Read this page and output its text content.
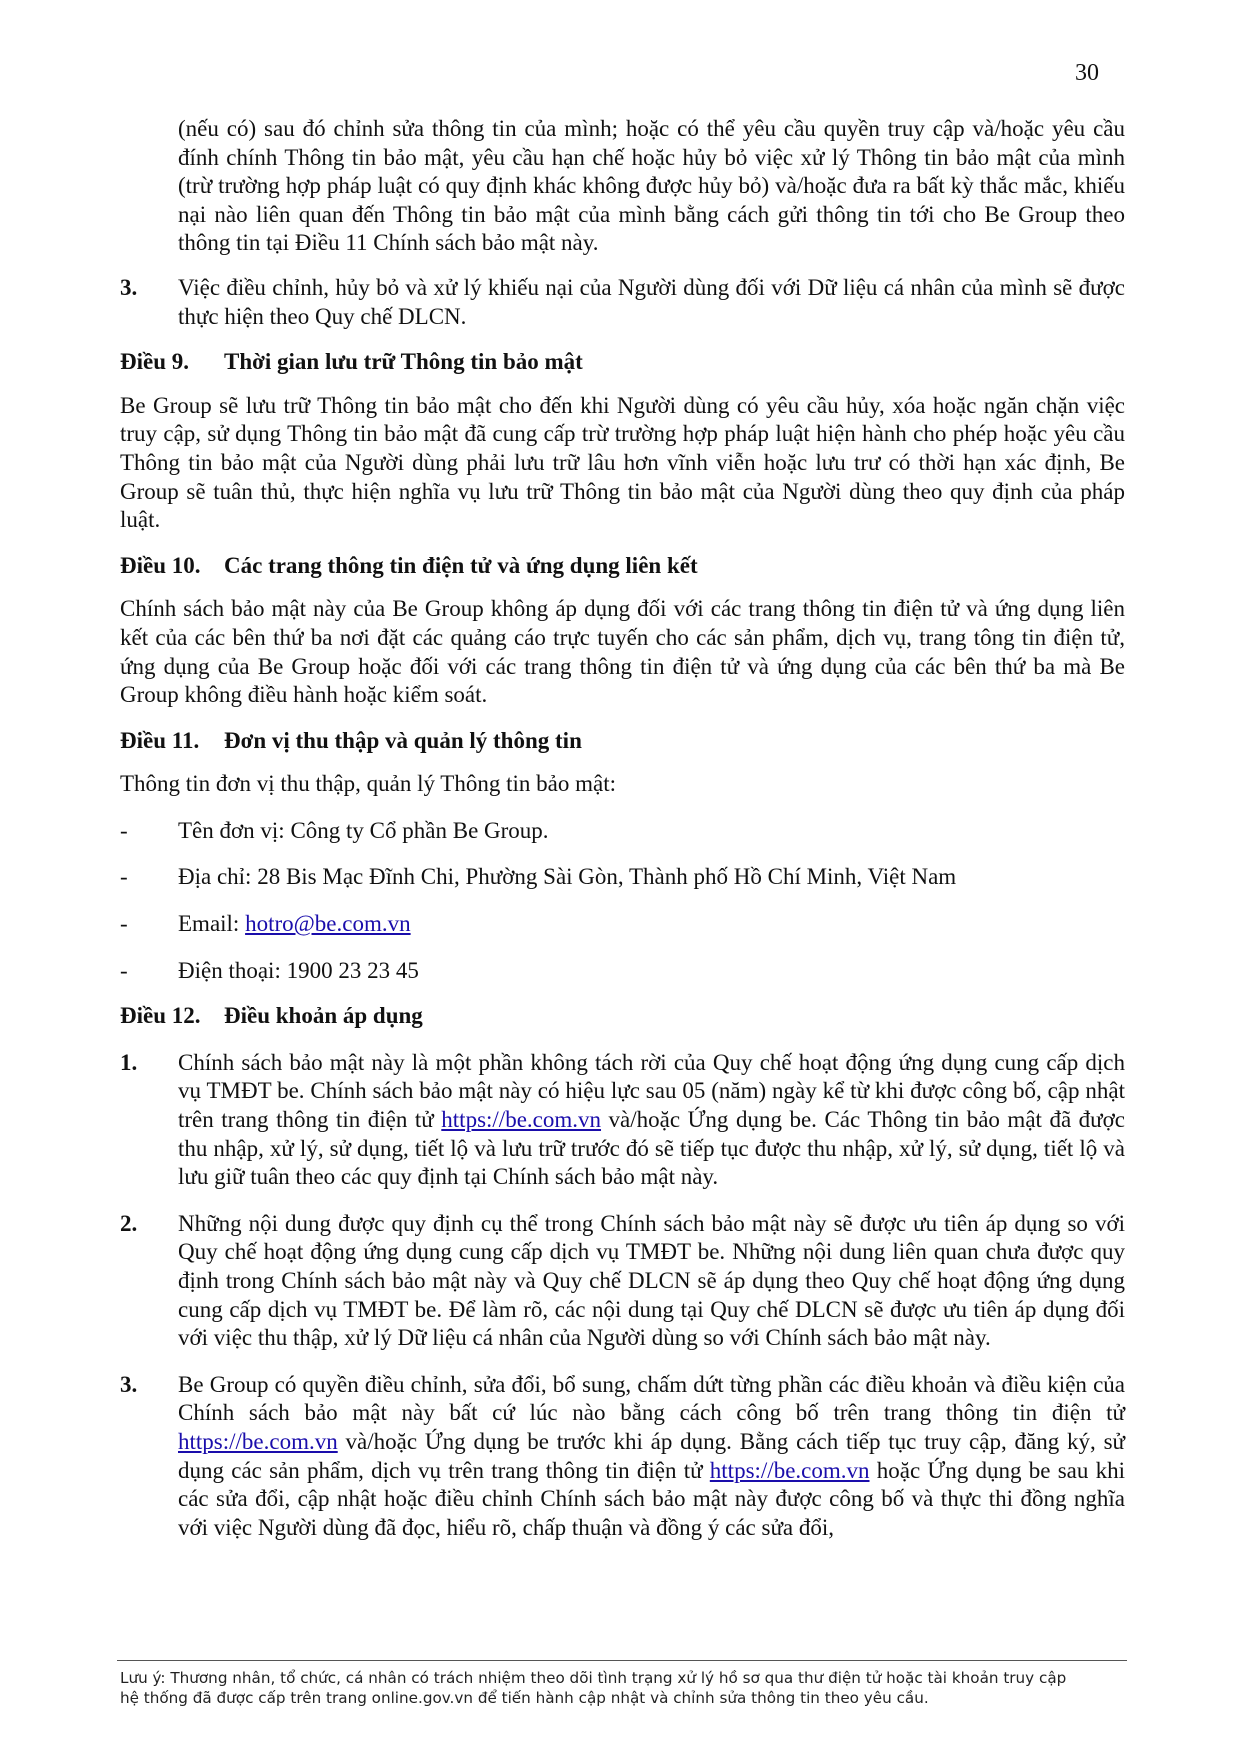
30

(nếu có) sau đó chỉnh sửa thông tin của mình; hoặc có thể yêu cầu quyền truy cập và/hoặc yêu cầu đính chính Thông tin bảo mật, yêu cầu hạn chế hoặc hủy bỏ việc xử lý Thông tin bảo mật của mình (trừ trường hợp pháp luật có quy định khác không được hủy bỏ) và/hoặc đưa ra bất kỳ thắc mắc, khiếu nại nào liên quan đến Thông tin bảo mật của mình bằng cách gửi thông tin tới cho Be Group theo thông tin tại Điều 11 Chính sách bảo mật này.

3.	Việc điều chỉnh, hủy bỏ và xử lý khiếu nại của Người dùng đối với Dữ liệu cá nhân của mình sẽ được thực hiện theo Quy chế DLCN.
Điều 9.	Thời gian lưu trữ Thông tin bảo mật

Be Group sẽ lưu trữ Thông tin bảo mật cho đến khi Người dùng có yêu cầu hủy, xóa hoặc ngăn chặn việc truy cập, sử dụng Thông tin bảo mật đã cung cấp trừ trường hợp pháp luật hiện hành cho phép hoặc yêu cầu Thông tin bảo mật của Người dùng phải lưu trữ lâu hơn vĩnh viễn hoặc lưu trư có thời hạn xác định, Be Group sẽ tuân thủ, thực hiện nghĩa vụ lưu trữ Thông tin bảo mật của Người dùng theo quy định của pháp luật.

Điều 10.	Các trang thông tin điện tử và ứng dụng liên kết

Chính sách bảo mật này của Be Group không áp dụng đối với các trang thông tin điện tử và ứng dụng liên kết của các bên thứ ba nơi đặt các quảng cáo trực tuyến cho các sản phẩm, dịch vụ, trang tông tin điện tử, ứng dụng của Be Group hoặc đối với các trang thông tin điện tử và ứng dụng của các bên thứ ba mà Be Group không điều hành hoặc kiểm soát.

Điều 11.	Đơn vị thu thập và quản lý thông tin

Thông tin đơn vị thu thập, quản lý Thông tin bảo mật:

-	Tên đơn vị: Công ty Cổ phần Be Group.
-	Địa chỉ: 28 Bis Mạc Đĩnh Chi, Phường Sài Gòn, Thành phố Hồ Chí Minh, Việt Nam
-	Email: hotro@be.com.vn
-	Điện thoại: 1900 23 23 45
Điều 12.	Điều khoản áp dụng
1.	Chính sách bảo mật này là một phần không tách rời của Quy chế hoạt động ứng dụng cung cấp dịch vụ TMĐT be. Chính sách bảo mật này có hiệu lực sau 05 (năm) ngày kể từ khi được công bố, cập nhật trên trang thông tin điện tử https://be.com.vn và/hoặc Ứng dụng be. Các Thông tin bảo mật đã được thu nhập, xử lý, sử dụng, tiết lộ và lưu trữ trước đó sẽ tiếp tục được thu nhập, xử lý, sử dụng, tiết lộ và lưu giữ tuân theo các quy định tại Chính sách bảo mật này.
2.	Những nội dung được quy định cụ thể trong Chính sách bảo mật này sẽ được ưu tiên áp dụng so với Quy chế hoạt động ứng dụng cung cấp dịch vụ TMĐT be. Những nội dung liên quan chưa được quy định trong Chính sách bảo mật này và Quy chế DLCN sẽ áp dụng theo Quy chế hoạt động ứng dụng cung cấp dịch vụ TMĐT be. Để làm rõ, các nội dung tại Quy chế DLCN sẽ được ưu tiên áp dụng đối với việc thu thập, xử lý Dữ liệu cá nhân của Người dùng so với Chính sách bảo mật này.
3.	Be Group có quyền điều chỉnh, sửa đổi, bổ sung, chấm dứt từng phần các điều khoản và điều kiện của Chính sách bảo mật này bất cứ lúc nào bằng cách công bố trên trang thông tin điện tử https://be.com.vn và/hoặc Ứng dụng be trước khi áp dụng. Bằng cách tiếp tục truy cập, đăng ký, sử dụng các sản phẩm, dịch vụ trên trang thông tin điện tử https://be.com.vn hoặc Ứng dụng be sau khi các sửa đổi, cập nhật hoặc điều chỉnh Chính sách bảo mật này được công bố và thực thi đồng nghĩa với việc Người dùng đã đọc, hiểu rõ, chấp thuận và đồng ý các sửa đổi,
Lưu ý: Thương nhân, tổ chức, cá nhân có trách nhiệm theo dõi tình trạng xử lý hồ sơ qua thư điện tử hoặc tài khoản truy cập
hệ thống đã được cấp trên trang online.gov.vn để tiến hành cập nhật và chỉnh sửa thông tin theo yêu cầu.
